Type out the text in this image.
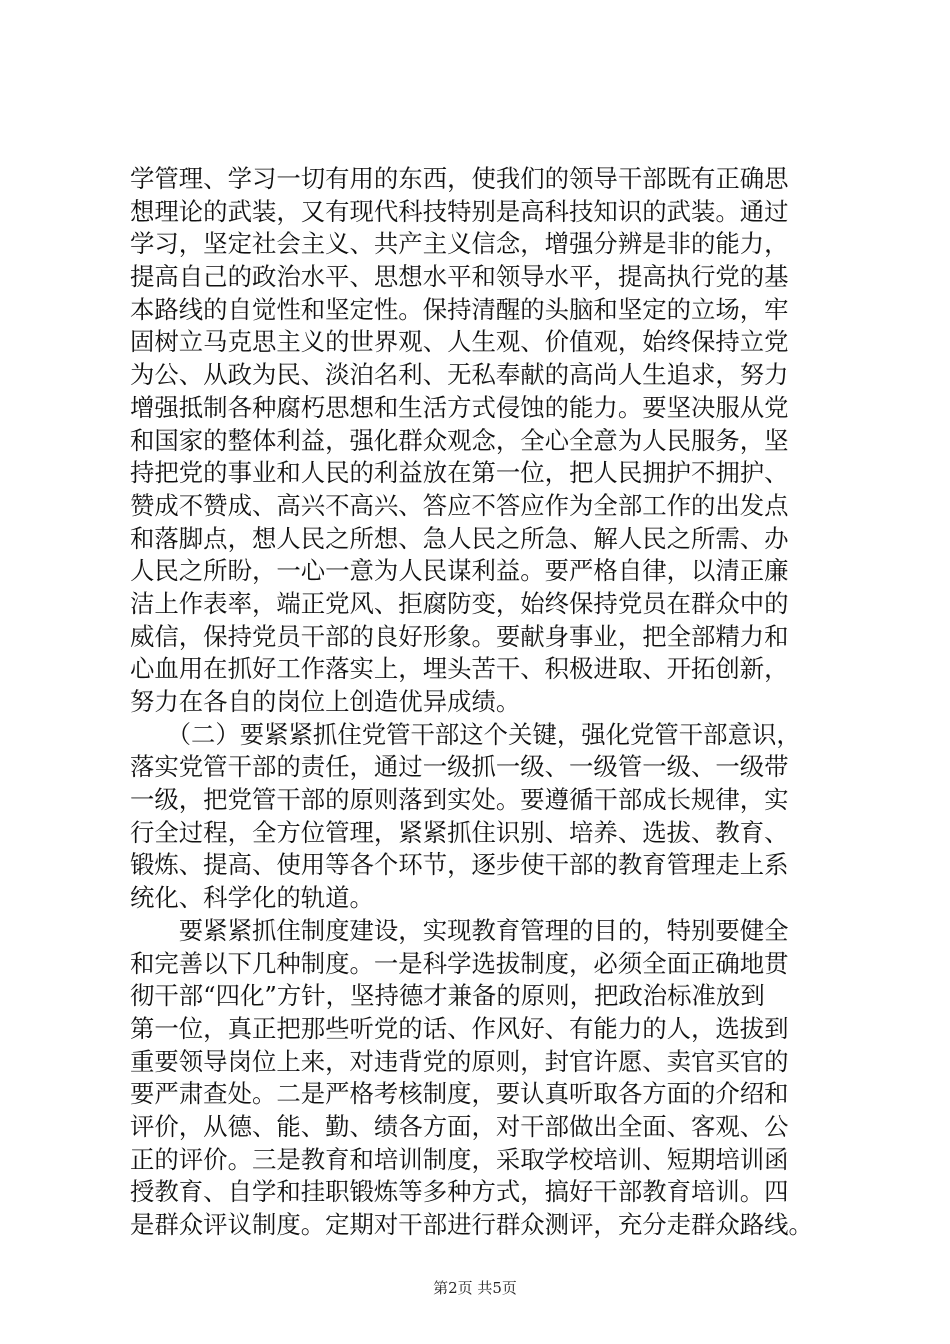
学管理、学习一切有用的东西，使我们的领导干部既有正确思
想理论的武装，又有现代科技特别是高科技知识的武装。通过
学习，坚定社会主义、共产主义信念，增强分辨是非的能力，
提高自己的政治水平、思想水平和领导水平，提高执行党的基
本路线的自觉性和坚定性。保持清醒的头脑和坚定的立场，牢
固树立马克思主义的世界观、人生观、价值观，始终保持立党
为公、从政为民、淡泊名利、无私奉献的高尚人生追求，努力
增强抵制各种腐朽思想和生活方式侵蚀的能力。要坚决服从党
和国家的整体利益，强化群众观念，全心全意为人民服务，坚
持把党的事业和人民的利益放在第一位，把人民拥护不拥护、
赞成不赞成、高兴不高兴、答应不答应作为全部工作的出发点
和落脚点，想人民之所想、急人民之所急、解人民之所需、办
人民之所盼，一心一意为人民谋利益。要严格自律，以清正廉
洁上作表率，端正党风、拒腐防变，始终保持党员在群众中的
威信，保持党员干部的良好形象。要献身事业，把全部精力和
心血用在抓好工作落实上，埋头苦干、积极进取、开拓创新，
努力在各自的岗位上创造优异成绩。
　　（二）要紧紧抓住党管干部这个关键，强化党管干部意识，
落实党管干部的责任，通过一级抓一级、一级管一级、一级带
一级，把党管干部的原则落到实处。要遵循干部成长规律，实
行全过程，全方位管理，紧紧抓住识别、培养、选拔、教育、
锻炼、提高、使用等各个环节，逐步使干部的教育管理走上系
统化、科学化的轨道。
　　要紧紧抓住制度建设，实现教育管理的目的，特别要健全
和完善以下几种制度。一是科学选拔制度，必须全面正确地贯
彻干部“四化”方针，坚持德才兼备的原则，把政治标准放到
第一位，真正把那些听党的话、作风好、有能力的人，选拔到
重要领导岗位上来，对违背党的原则，封官许愿、卖官买官的
要严肃查处。二是严格考核制度，要认真听取各方面的介绍和
评价，从德、能、勤、绩各方面，对干部做出全面、客观、公
正的评价。三是教育和培训制度，采取学校培训、短期培训函
授教育、自学和挂职锻炼等多种方式，搞好干部教育培训。四
是群众评议制度。定期对干部进行群众测评，充分走群众路线。
第2页 共5页
